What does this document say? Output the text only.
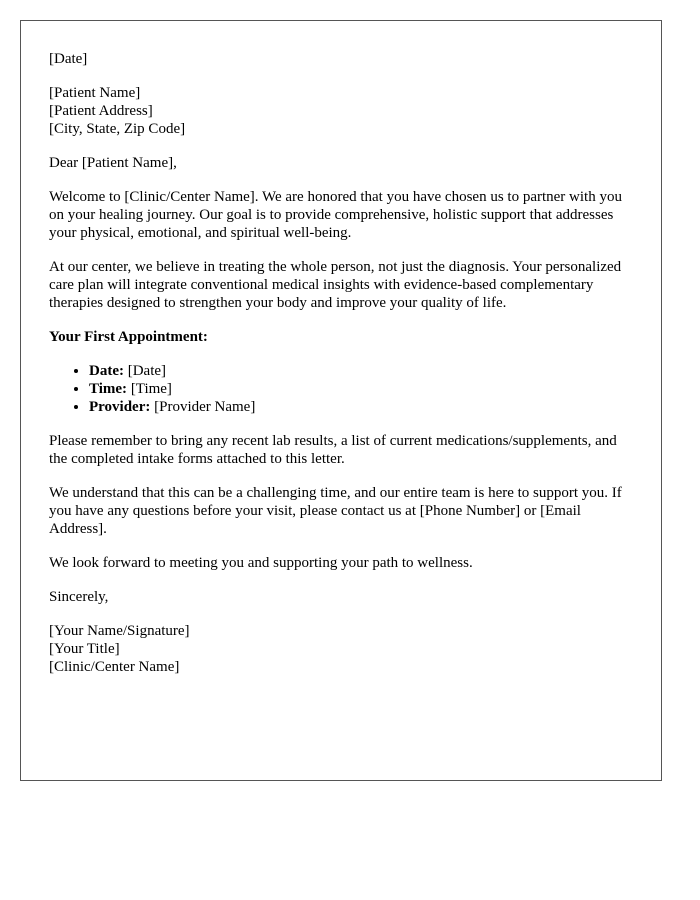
[Date]

[Patient Name]
[Patient Address]
[City, State, Zip Code]

Dear [Patient Name],

Welcome to [Clinic/Center Name]. We are honored that you have chosen us to partner with you on your healing journey. Our goal is to provide comprehensive, holistic support that addresses your physical, emotional, and spiritual well-being.

At our center, we believe in treating the whole person, not just the diagnosis. Your personalized care plan will integrate conventional medical insights with evidence-based complementary therapies designed to strengthen your body and improve your quality of life.

Your First Appointment:

• Date: [Date]
• Time: [Time]
• Provider: [Provider Name]

Please remember to bring any recent lab results, a list of current medications/supplements, and the completed intake forms attached to this letter.

We understand that this can be a challenging time, and our entire team is here to support you. If you have any questions before your visit, please contact us at [Phone Number] or [Email Address].

We look forward to meeting you and supporting your path to wellness.

Sincerely,

[Your Name/Signature]
[Your Title]
[Clinic/Center Name]
